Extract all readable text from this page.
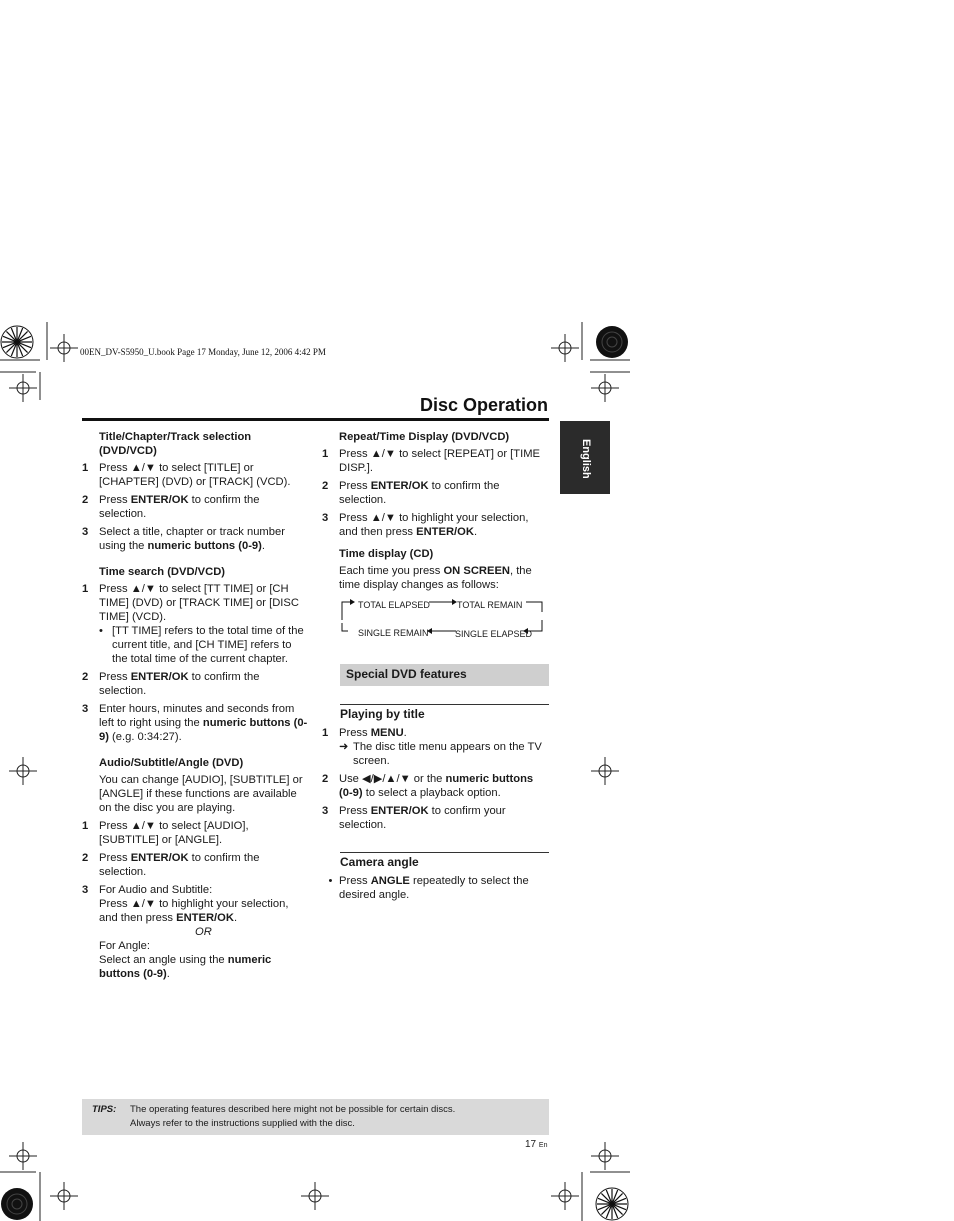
00EN_DV-S5950_U.book Page 17 Monday, June 12, 2006 4:42 PM
Disc Operation
English
Title/Chapter/Track selection (DVD/VCD)
1 Press ▲/▼ to select [TITLE] or [CHAPTER] (DVD) or [TRACK] (VCD).
2 Press ENTER/OK to confirm the selection.
3 Select a title, chapter or track number using the numeric buttons (0-9).
Time search (DVD/VCD)
1 Press ▲/▼ to select [TT TIME] or [CH TIME] (DVD) or [TRACK TIME] or [DISC TIME] (VCD).
• [TT TIME] refers to the total time of the current title, and [CH TIME] refers to the total time of the current chapter.
2 Press ENTER/OK to confirm the selection.
3 Enter hours, minutes and seconds from left to right using the numeric buttons (0-9) (e.g. 0:34:27).
Audio/Subtitle/Angle (DVD)
You can change [AUDIO], [SUBTITLE] or [ANGLE] if these functions are available on the disc you are playing.
1 Press ▲/▼ to select [AUDIO], [SUBTITLE] or [ANGLE].
2 Press ENTER/OK to confirm the selection.
3 For Audio and Subtitle:
Press ▲/▼ to highlight your selection, and then press ENTER/OK.
OR
For Angle:
Select an angle using the numeric buttons (0-9).
Repeat/Time Display (DVD/VCD)
1 Press ▲/▼ to select [REPEAT] or [TIME DISP.].
2 Press ENTER/OK to confirm the selection.
3 Press ▲/▼ to highlight your selection, and then press ENTER/OK.
Time display (CD)
Each time you press ON SCREEN, the time display changes as follows:
TOTAL ELAPSED	TOTAL REMAIN
SINGLE REMAIN	SINGLE ELAPSED
Special DVD features
Playing by title
1 Press MENU.
➜ The disc title menu appears on the TV screen.
2 Use ◀/▶/▲/▼ or the numeric buttons (0-9) to select a playback option.
3 Press ENTER/OK to confirm your selection.
Camera angle
• Press ANGLE repeatedly to select the desired angle.
TIPS: The operating features described here might not be possible for certain discs.
Always refer to the instructions supplied with the disc.
17 En
